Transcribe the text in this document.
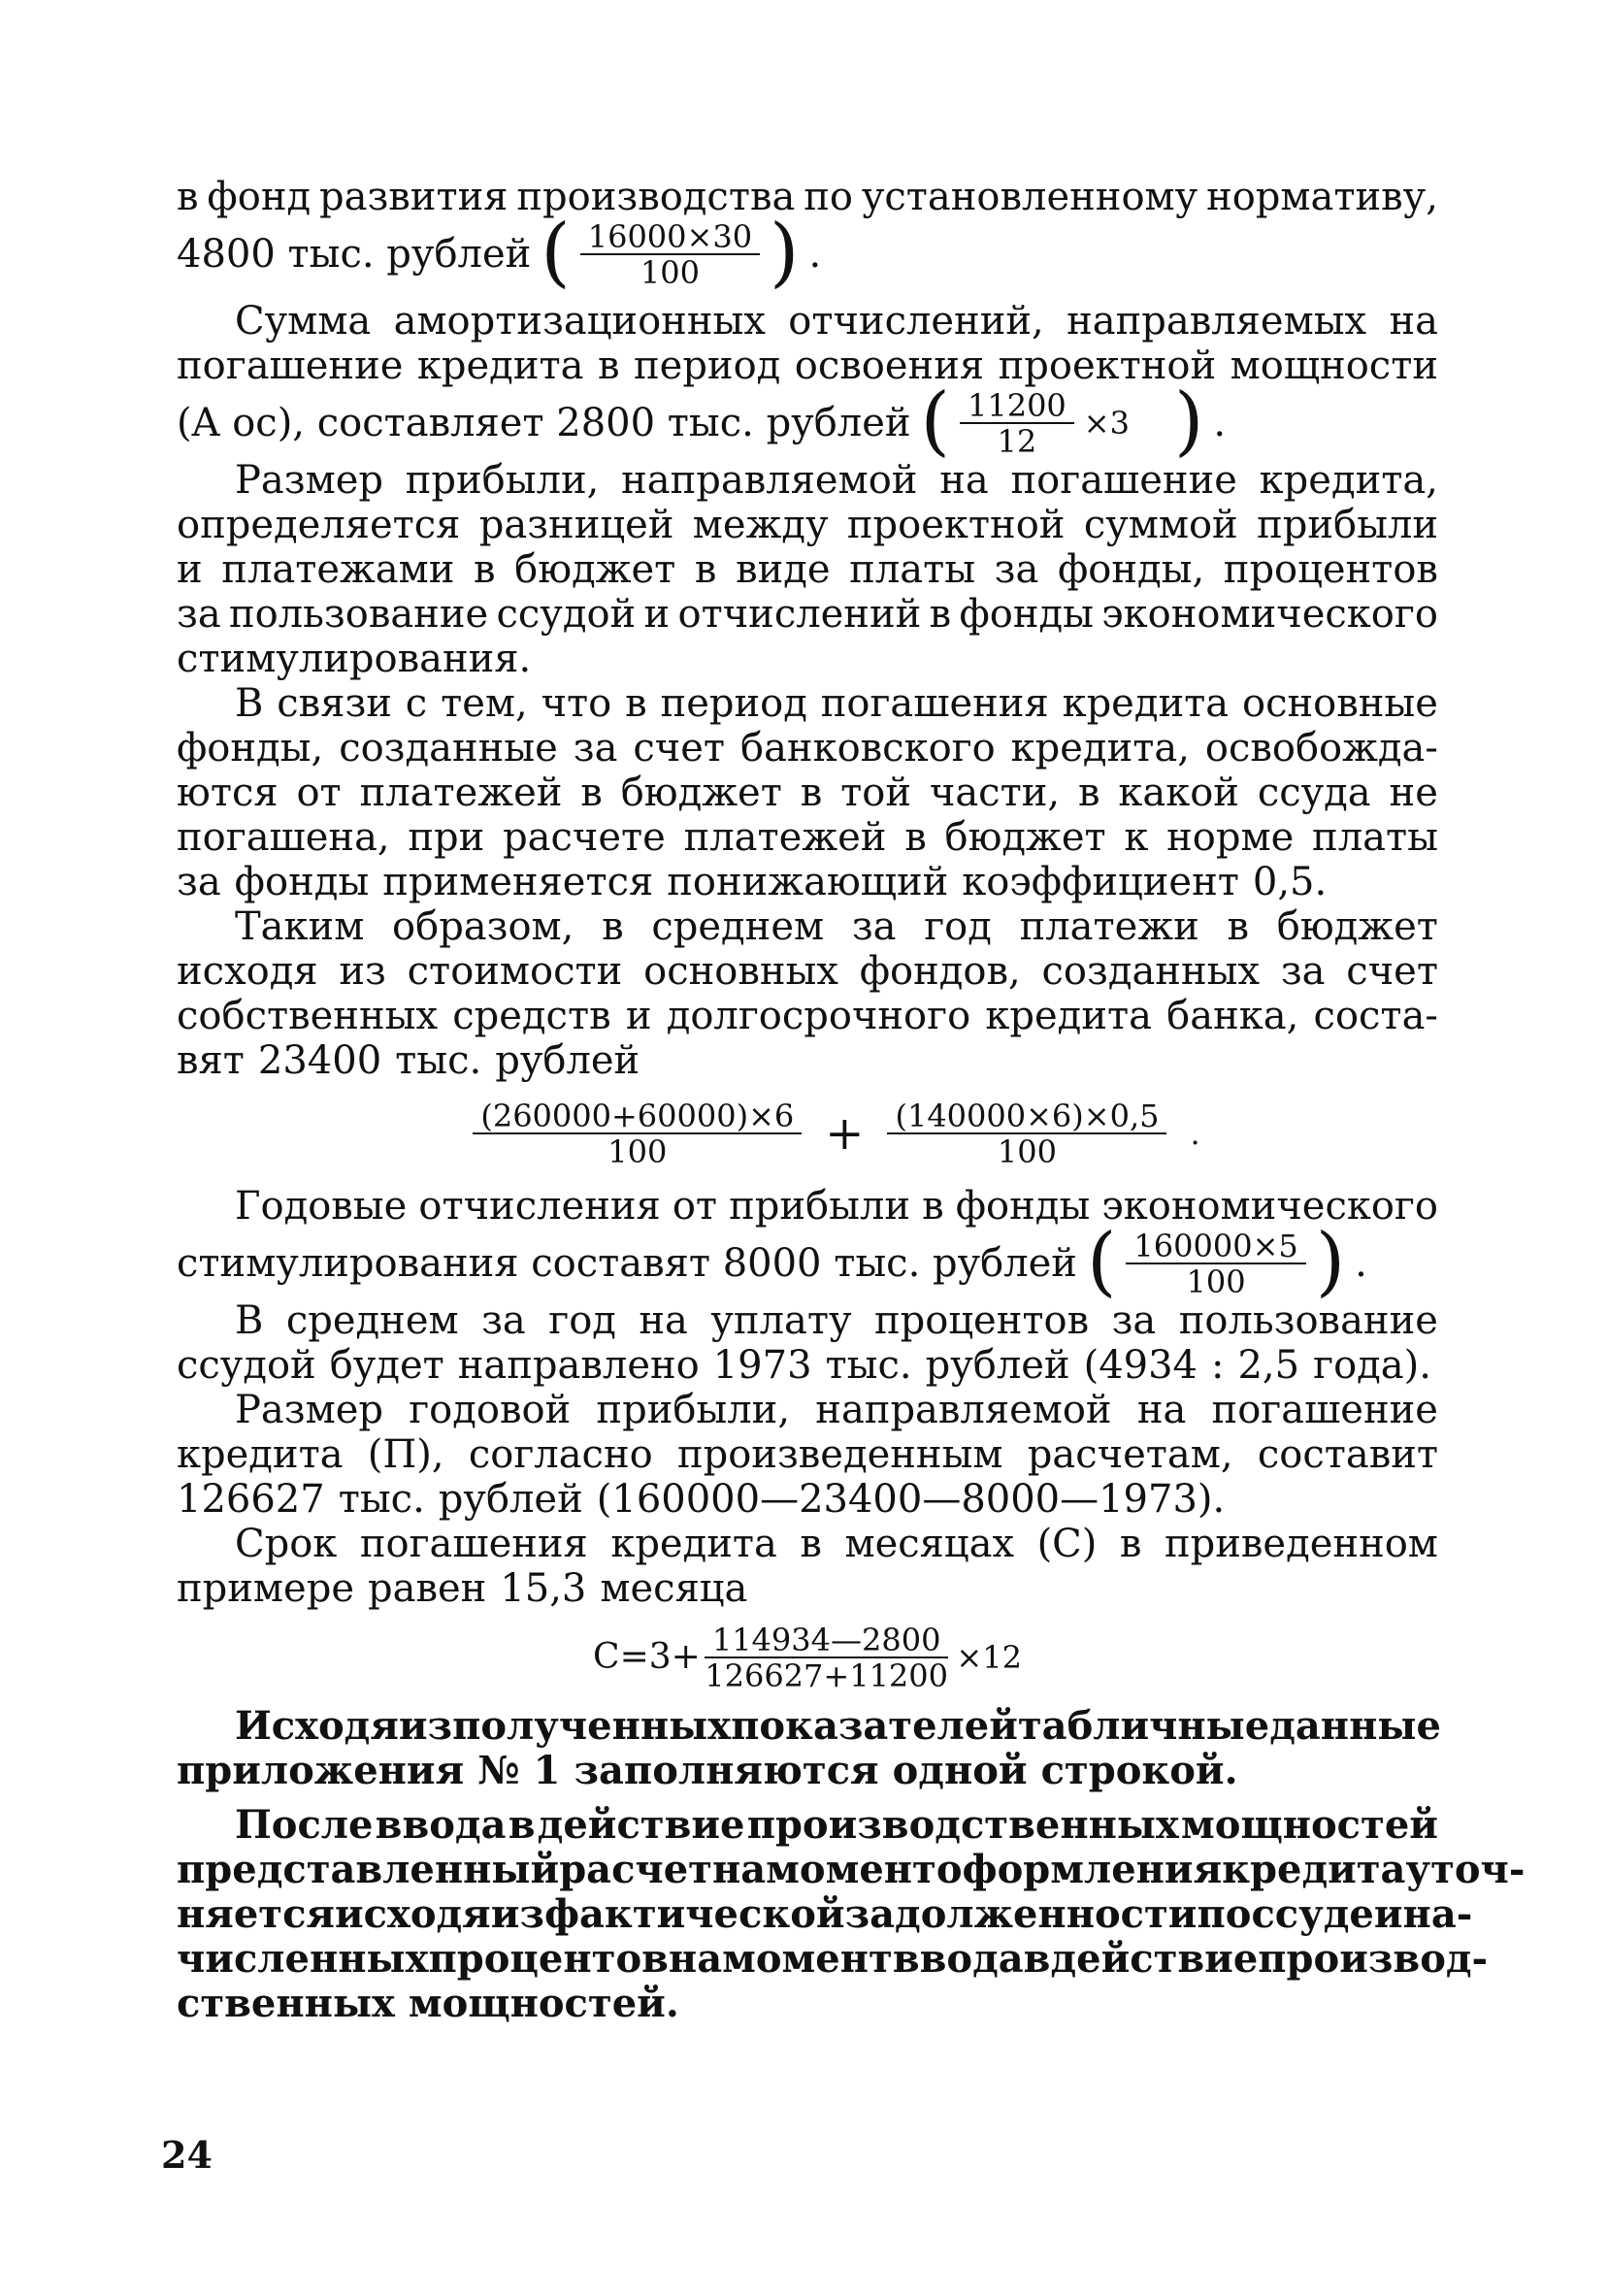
в фонд развития производства по установленному нормативу,
4800 тыс. рублей ( $\frac{16000\times 30}{100}$ ) .
Сумма амортизационных отчислений, направляемых на
погашение кредита в период освоения проектной мощности
(A ос), составляет 2800 тыс. рублей ( $\frac{11200}{12} \times 3$ ) .
Размер прибыли, направляемой на погашение кредита,
определяется разницей между проектной суммой прибыли
и платежами в бюджет в виде платы за фонды, процентов
за пользование ссудой и отчислений в фонды экономического
стимулирования.
В связи с тем, что в период погашения кредита основные
фонды, созданные за счет банковского кредита, освобожда-
ются от платежей в бюджет в той части, в какой ссуда не
погашена, при расчете платежей в бюджет к норме платы
за фонды применяется понижающий коэффициент 0,5.
Таким образом, в среднем за год платежи в бюджет
исходя из стоимости основных фондов, созданных за счет
собственных средств и долгосрочного кредита банка, соста-
вят 23400 тыс. рублей
$\frac{(260000+60000)\times 6}{100} + \frac{(140000\times 6)\times 0,5}{100}$ .
Годовые отчисления от прибыли в фонды экономического
стимулирования составят 8000 тыс. рублей ( $\frac{160000\times 5}{100}$ ) .
В среднем за год на уплату процентов за пользование
ссудой будет направлено 1973 тыс. рублей (4934 : 2,5 года).
Размер годовой прибыли, направляемой на погашение
кредита (П), согласно произведенным расчетам, составит
126627 тыс. рублей (160000—23400—8000—1973).
Срок погашения кредита в месяцах (С) в приведенном
примере равен 15,3 месяца
$C=3+ \frac{114934—2800}{126627+11200} \times 12$
Исходя из полученных показателей табличные данные
приложения № 1 заполняются одной строкой.
После ввода в действие производственных мощностей
представленный расчет на момент оформления кредита уточ-
няется исходя из фактической задолженности по ссуде и на-
численных процентов на момент ввода в действие производ-
ственных мощностей.
24
